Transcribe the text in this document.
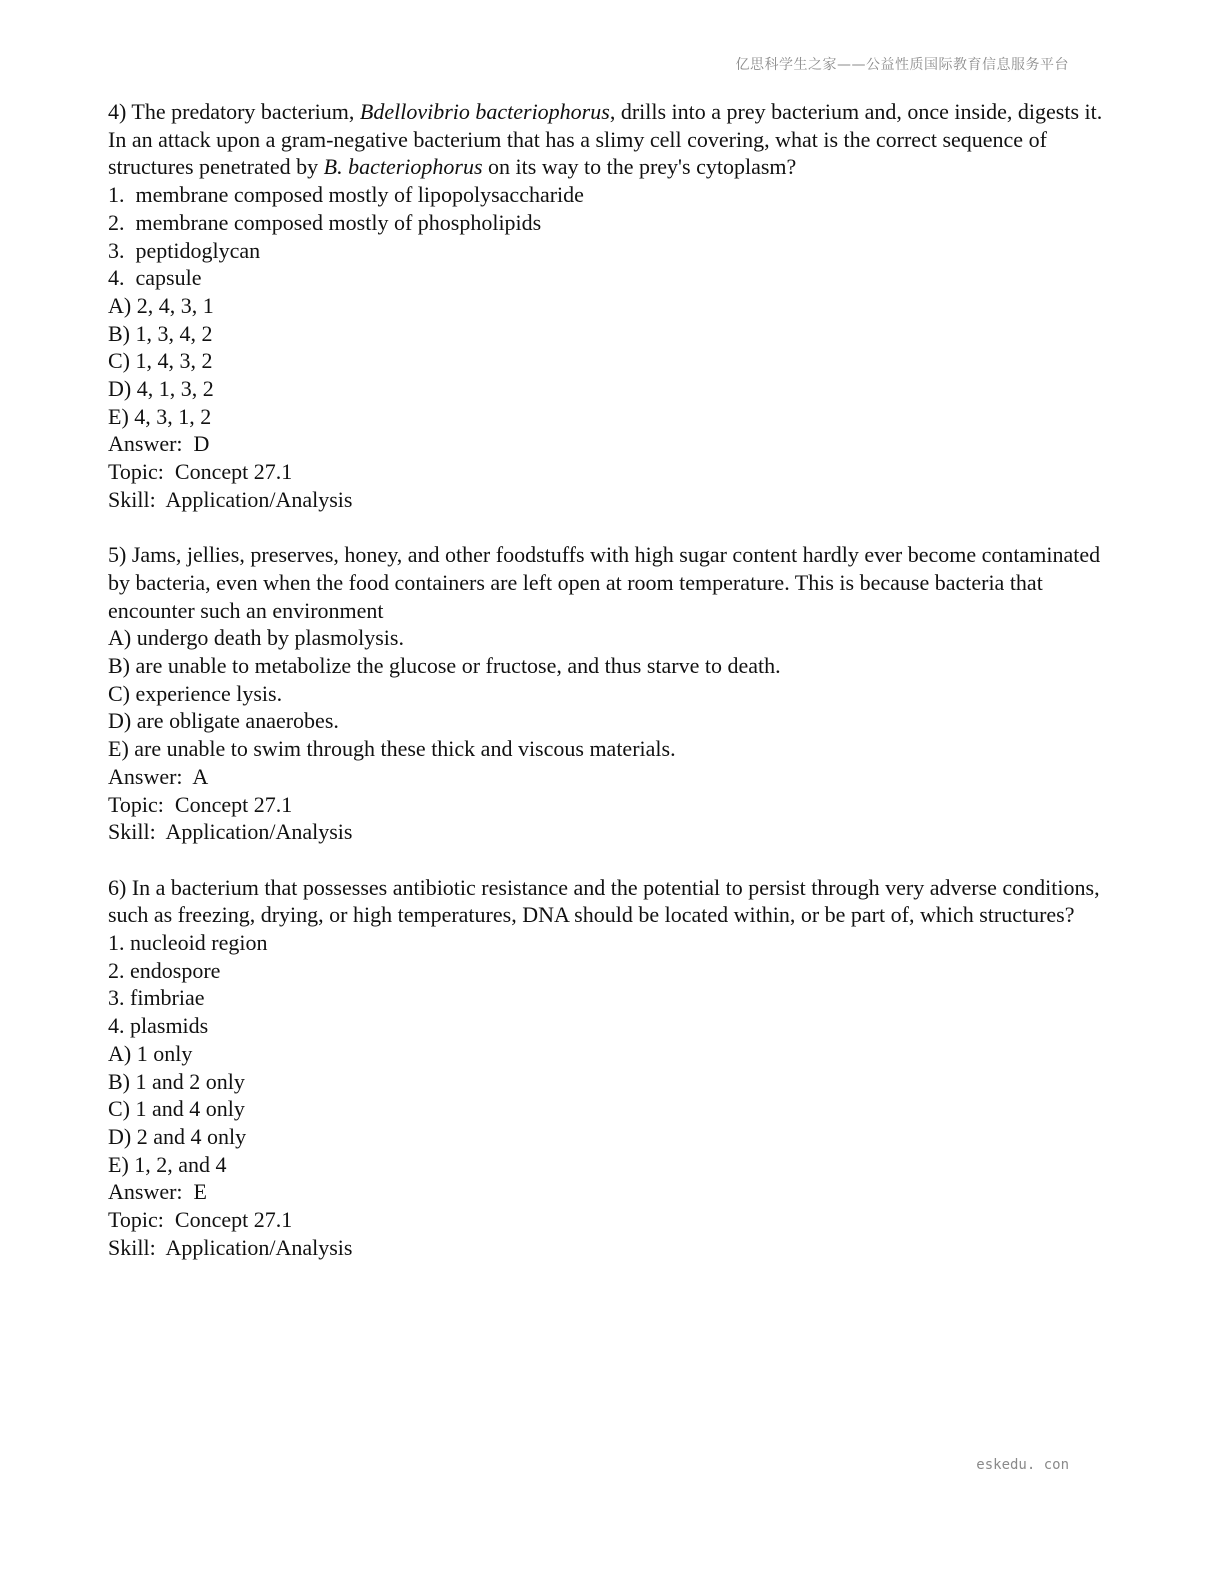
亿思科学生之家——公益性质国际教育信息服务平台

4) The predatory bacterium, Bdellovibrio bacteriophorus, drills into a prey bacterium and, once inside, digests it. In an attack upon a gram-negative bacterium that has a slimy cell covering, what is the correct sequence of structures penetrated by B. bacteriophorus on its way to the prey's cytoplasm?

1.  membrane composed mostly of lipopolysaccharide
2.  membrane composed mostly of phospholipids
3.  peptidoglycan
4.  capsule
A) 2, 4, 3, 1
B) 1, 3, 4, 2
C) 1, 4, 3, 2
D) 4, 1, 3, 2
E) 4, 3, 1, 2
Answer:  D
Topic:  Concept 27.1
Skill:  Application/Analysis

5) Jams, jellies, preserves, honey, and other foodstuffs with high sugar content hardly ever become contaminated by bacteria, even when the food containers are left open at room temperature. This is because bacteria that encounter such an environment

A) undergo death by plasmolysis.
B) are unable to metabolize the glucose or fructose, and thus starve to death.
C) experience lysis.
D) are obligate anaerobes.
E) are unable to swim through these thick and viscous materials.
Answer:  A
Topic:  Concept 27.1
Skill:  Application/Analysis

6) In a bacterium that possesses antibiotic resistance and the potential to persist through very adverse conditions, such as freezing, drying, or high temperatures, DNA should be located within, or be part of, which structures?

1. nucleoid region
2. endospore
3. fimbriae
4. plasmids
A) 1 only
B) 1 and 2 only
C) 1 and 4 only
D) 2 and 4 only
E) 1, 2, and 4
Answer:  E
Topic:  Concept 27.1
Skill:  Application/Analysis
eskedu. con
